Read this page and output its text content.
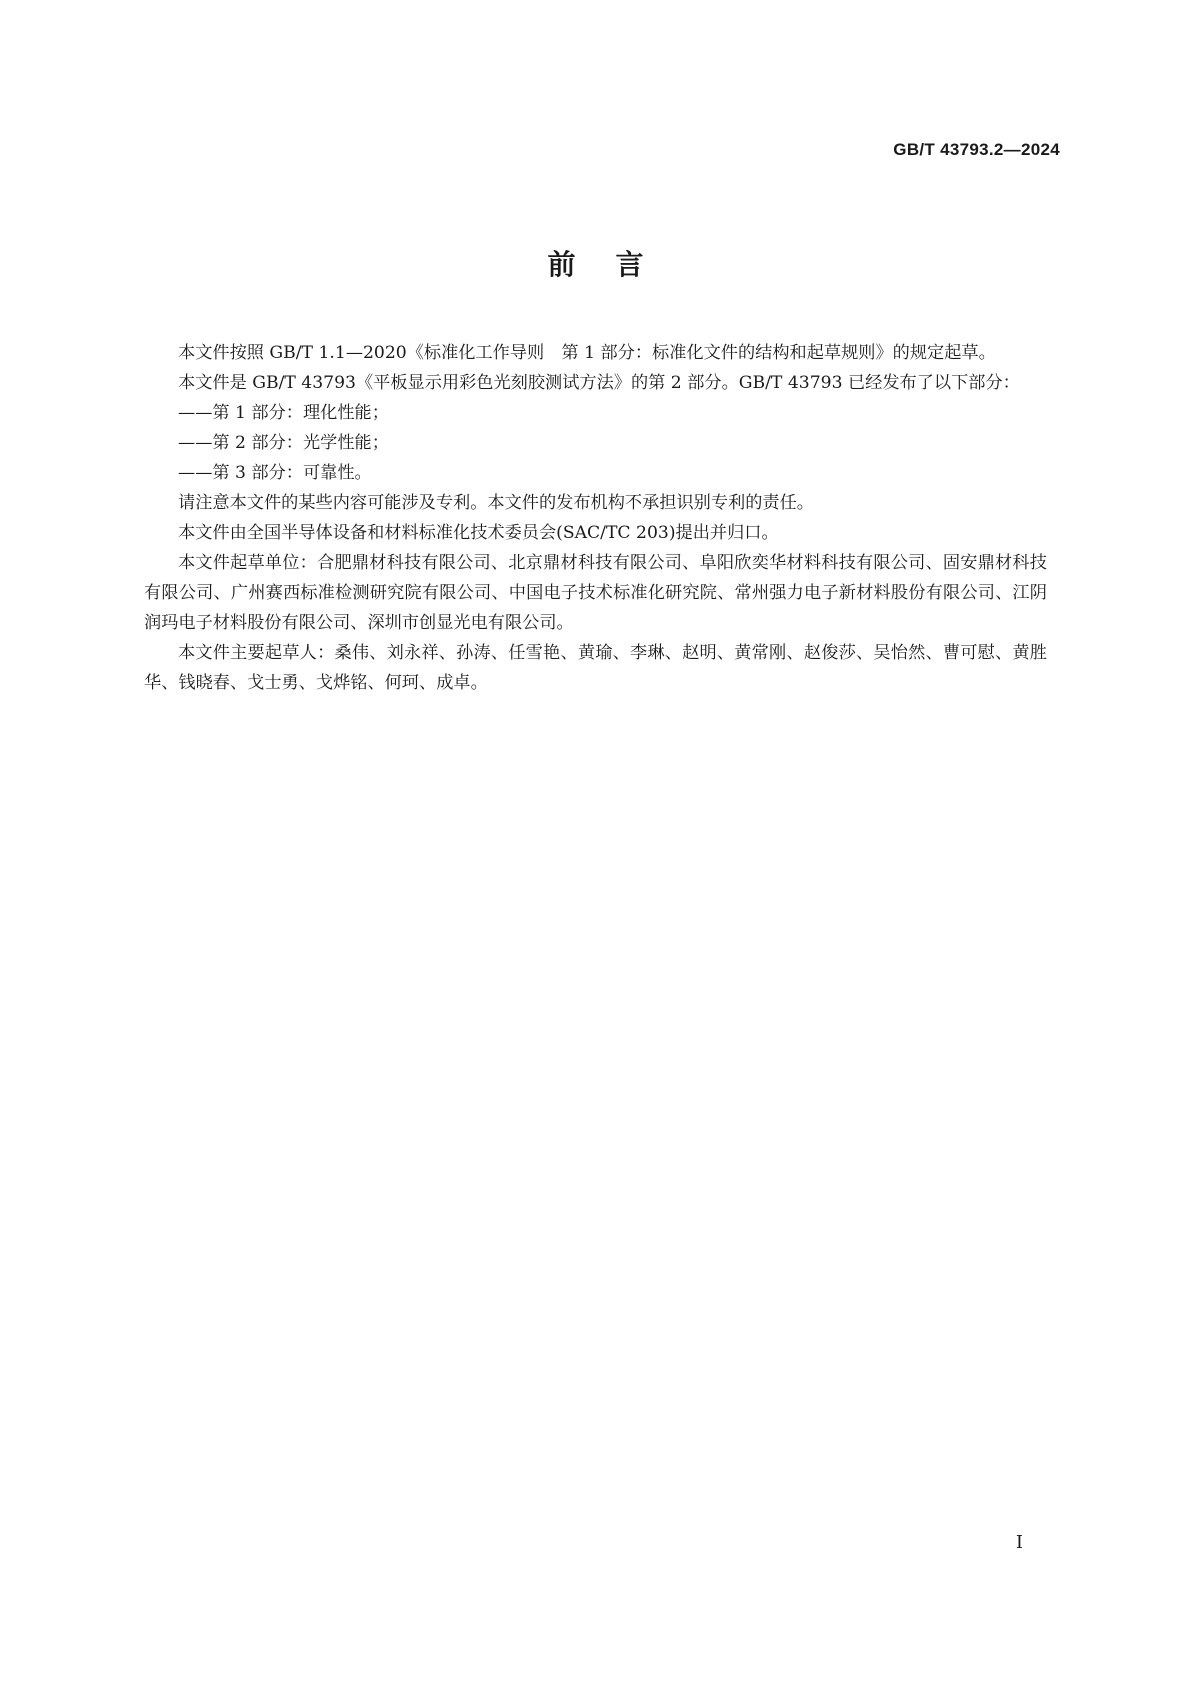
GB/T 43793.2—2024
前言

本文件按照 GB/T 1.1—2020《标准化工作导则　第 1 部分：标准化文件的结构和起草规则》的规定起草。

本文件是 GB/T 43793《平板显示用彩色光刻胶测试方法》的第 2 部分。GB/T 43793 已经发布了以下部分：

——第 1 部分：理化性能；

——第 2 部分：光学性能；

——第 3 部分：可靠性。

请注意本文件的某些内容可能涉及专利。本文件的发布机构不承担识别专利的责任。

本文件由全国半导体设备和材料标准化技术委员会(SAC/TC 203)提出并归口。

本文件起草单位：合肥鼎材科技有限公司、北京鼎材科技有限公司、阜阳欣奕华材料科技有限公司、固安鼎材科技有限公司、广州赛西标准检测研究院有限公司、中国电子技术标准化研究院、常州强力电子新材料股份有限公司、江阴润玛电子材料股份有限公司、深圳市创显光电有限公司。

本文件主要起草人：桑伟、刘永祥、孙涛、任雪艳、黄瑜、李琳、赵明、黄常刚、赵俊莎、吴怡然、曹可慰、黄胜华、钱晓春、戈士勇、戈烨铭、何珂、成卓。

I
